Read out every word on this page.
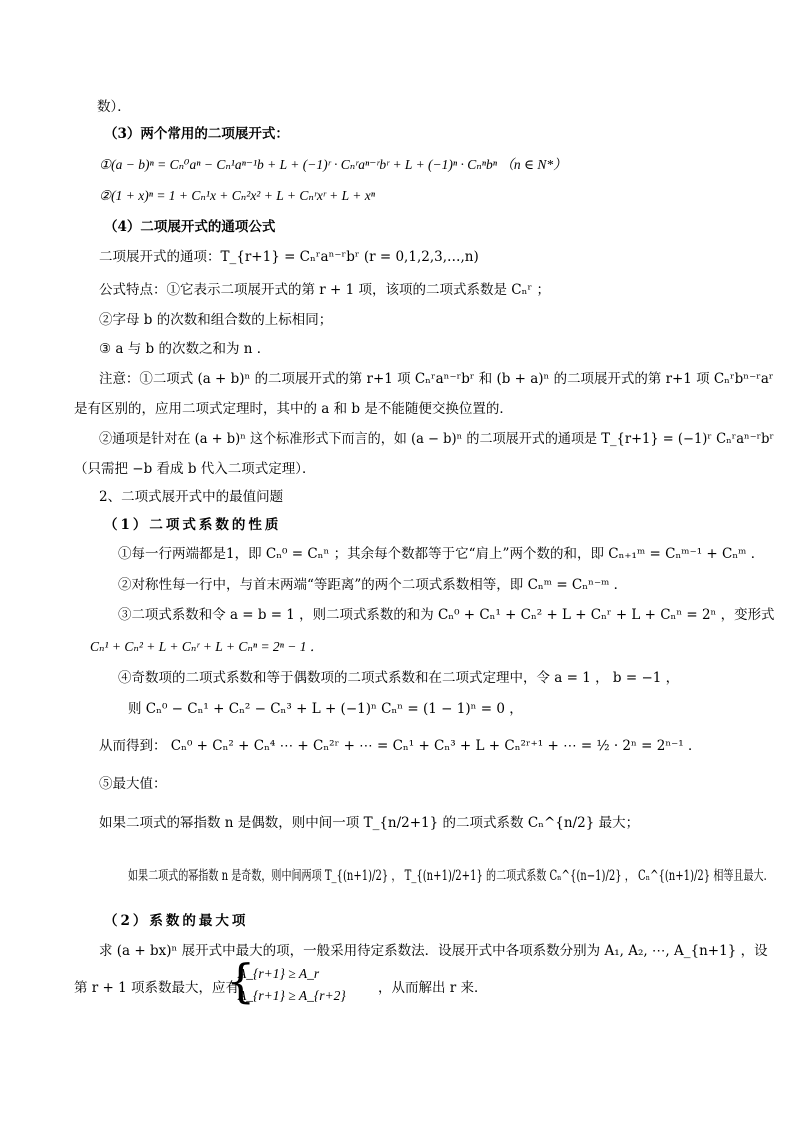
数）．
（3）两个常用的二项展开式：
①(a − b)ⁿ = Cₙ⁰aⁿ − Cₙ¹aⁿ⁻¹b + L + (−1)ʳ · Cₙʳaⁿ⁻ʳbʳ + L + (−1)ⁿ · Cₙⁿbⁿ （n ∈ N*）
②(1 + x)ⁿ = 1 + Cₙ¹x + Cₙ²x² + L + Cₙʳxʳ + L + xⁿ
（4）二项展开式的通项公式
二项展开式的通项：T_{r+1} = Cₙʳaⁿ⁻ʳbʳ (r = 0,1,2,3,…,n)
公式特点：①它表示二项展开式的第 r + 1 项，该项的二项式系数是 Cₙʳ ；
②字母 b 的次数和组合数的上标相同；
③ a 与 b 的次数之和为 n ．
注意：①二项式 (a + b)ⁿ 的二项展开式的第 r+1 项 Cₙʳaⁿ⁻ʳbʳ 和 (b + a)ⁿ 的二项展开式的第 r+1 项 Cₙʳbⁿ⁻ʳaʳ
是有区别的，应用二项式定理时，其中的 a 和 b 是不能随便交换位置的．
②通项是针对在 (a + b)ⁿ 这个标准形式下而言的，如 (a − b)ⁿ 的二项展开式的通项是 T_{r+1} = (−1)ʳ Cₙʳaⁿ⁻ʳbʳ
（只需把 −b 看成 b 代入二项式定理）．
2、二项式展开式中的最值问题
（1）二项式系数的性质
①每一行两端都是1，即 Cₙ⁰ = Cₙⁿ ；其余每个数都等于它“肩上”两个数的和，即 Cₙ₊₁ᵐ = Cₙᵐ⁻¹ + Cₙᵐ ．
②对称性每一行中，与首末两端“等距离”的两个二项式系数相等，即 Cₙᵐ = Cₙⁿ⁻ᵐ ．
③二项式系数和令 a = b = 1 ，则二项式系数的和为 Cₙ⁰ + Cₙ¹ + Cₙ² + L + Cₙʳ + L + Cₙⁿ = 2ⁿ ，变形式
Cₙ¹ + Cₙ² + L + Cₙʳ + L + Cₙⁿ = 2ⁿ − 1 ．
④奇数项的二项式系数和等于偶数项的二项式系数和在二项式定理中，令 a = 1 ， b = −1 ，
则 Cₙ⁰ − Cₙ¹ + Cₙ² − Cₙ³ + L + (−1)ⁿ Cₙⁿ = (1 − 1)ⁿ = 0 ，
从而得到： Cₙ⁰ + Cₙ² + Cₙ⁴ ⋯ + Cₙ²ʳ + ⋯ = Cₙ¹ + Cₙ³ + L + Cₙ²ʳ⁺¹ + ⋯ = ½ · 2ⁿ = 2ⁿ⁻¹ ．
⑤最大值：
如果二项式的幂指数 n 是偶数，则中间一项 T_{n/2+1} 的二项式系数 Cₙ^{n/2} 最大；
如果二项式的幂指数 n 是奇数，则中间两项 T_{(n+1)/2} ， T_{(n+1)/2+1} 的二项式系数 Cₙ^{(n−1)/2} ， Cₙ^{(n+1)/2} 相等且最大．
（2）系数的最大项
求 (a + bx)ⁿ 展开式中最大的项，一般采用待定系数法．设展开式中各项系数分别为 A₁, A₂, ⋯, A_{n+1} ，设
第 r + 1 项系数最大，应有
{
A_{r+1} ≥ A_r
A_{r+1} ≥ A_{r+2} ，从而解出 r 来．
